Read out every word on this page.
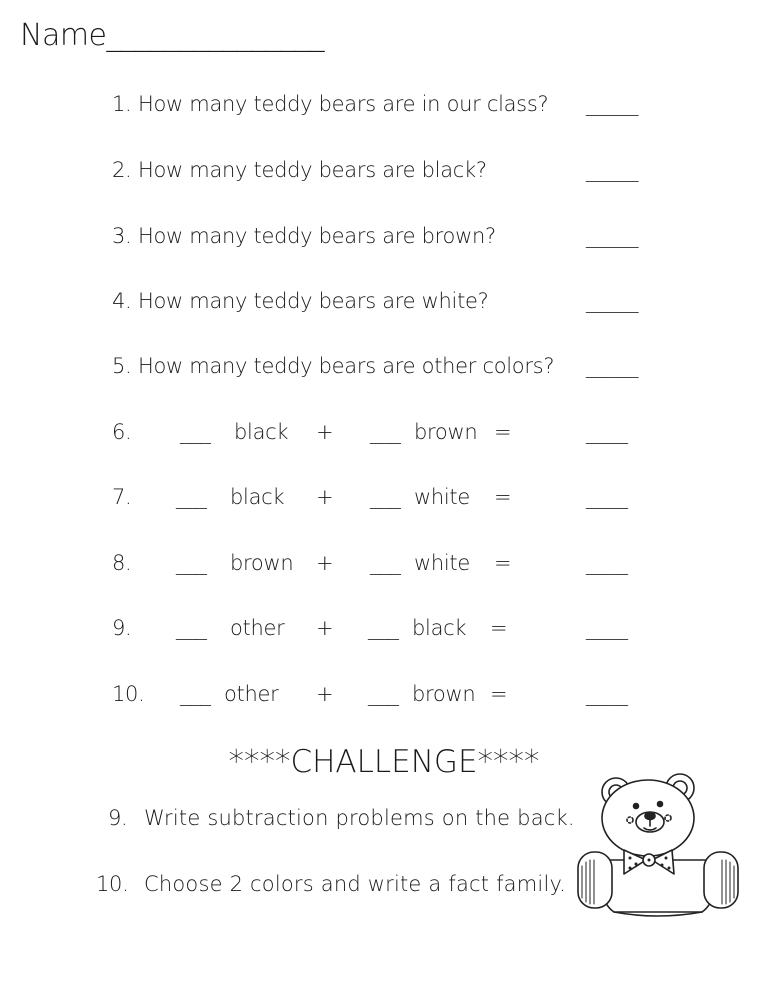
Name_______________
1. How many teddy bears are in our class? _____
2. How many teddy bears are black?	_____
3. How many teddy bears are brown?	_____
4. How many teddy bears are white?	_____
5. How many teddy bears are other colors? _____
6. ___ black + ___ brown =	____
7. ___ black + ___ white =	____
8. ___ brown + ___ white =	____
9. ___ other + ___ black =	____
10. ___ other + ___ brown =	____
****CHALLENGE****
9. Write subtraction problems on the back.
10. Choose 2 colors and write a fact family.
